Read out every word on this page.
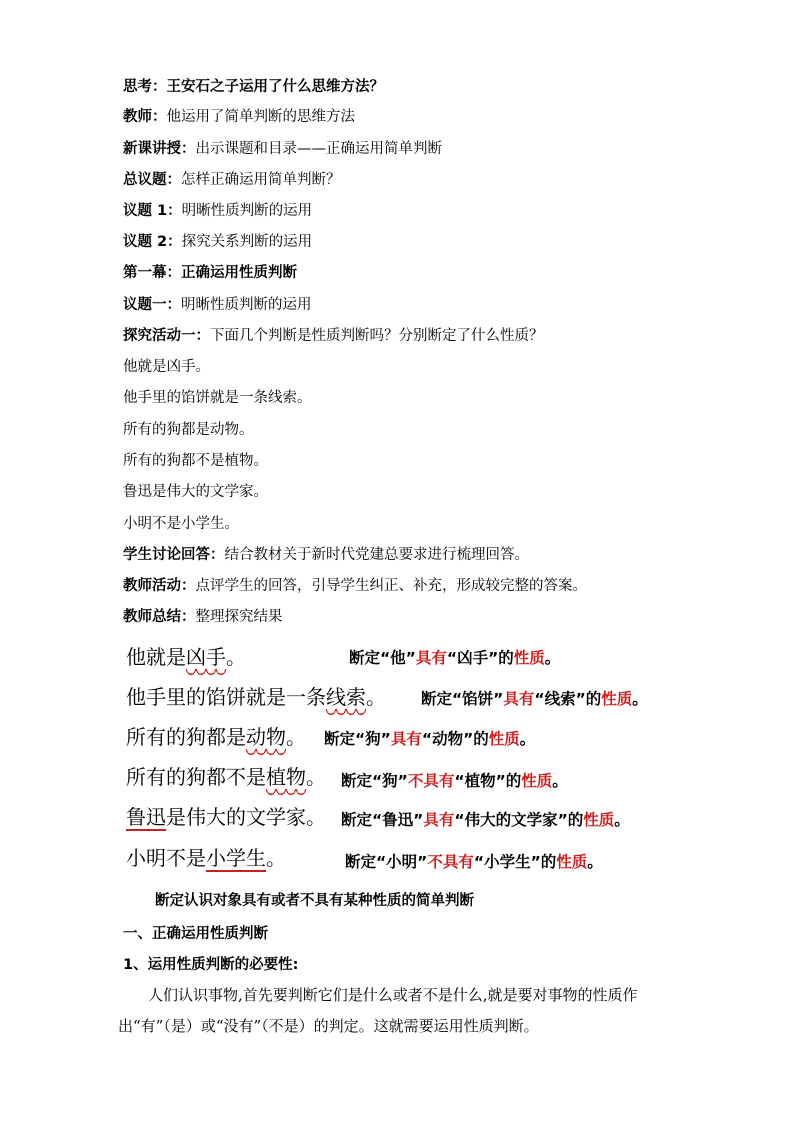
思考：王安石之子运用了什么思维方法？
教师：他运用了简单判断的思维方法
新课讲授：出示课题和目录——正确运用简单判断
总议题：怎样正确运用简单判断？
议题 1：明晰性质判断的运用
议题 2：探究关系判断的运用
第一幕：正确运用性质判断
议题一：明晰性质判断的运用
探究活动一：下面几个判断是性质判断吗？分别断定了什么性质？
他就是凶手。
他手里的馅饼就是一条线索。
所有的狗都是动物。
所有的狗都不是植物。
鲁迅是伟大的文学家。
小明不是小学生。
学生讨论回答：结合教材关于新时代党建总要求进行梳理回答。
教师活动：点评学生的回答，引导学生纠正、补充，形成较完整的答案。
教师总结：整理探究结果
他就是凶手。
他手里的馅饼就是一条线索。
所有的狗都是动物。
所有的狗都不是植物。
鲁迅是伟大的文学家。
小明不是小学生。
断定“他”具有“凶手”的性质。
断定“馅饼”具有“线索”的性质。
断定“狗”具有“动物”的性质。
断定“狗”不具有“植物”的性质。
断定“鲁迅”具有“伟大的文学家”的性质。
断定“小明”不具有“小学生”的性质。
断定认识对象具有或者不具有某种性质的简单判断
一、正确运用性质判断
1、运用性质判断的必要性:
人们认识事物,首先要判断它们是什么或者不是什么,就是要对事物的性质作出“有”（是）或“没有”（不是）的判定。这就需要运用性质判断。
